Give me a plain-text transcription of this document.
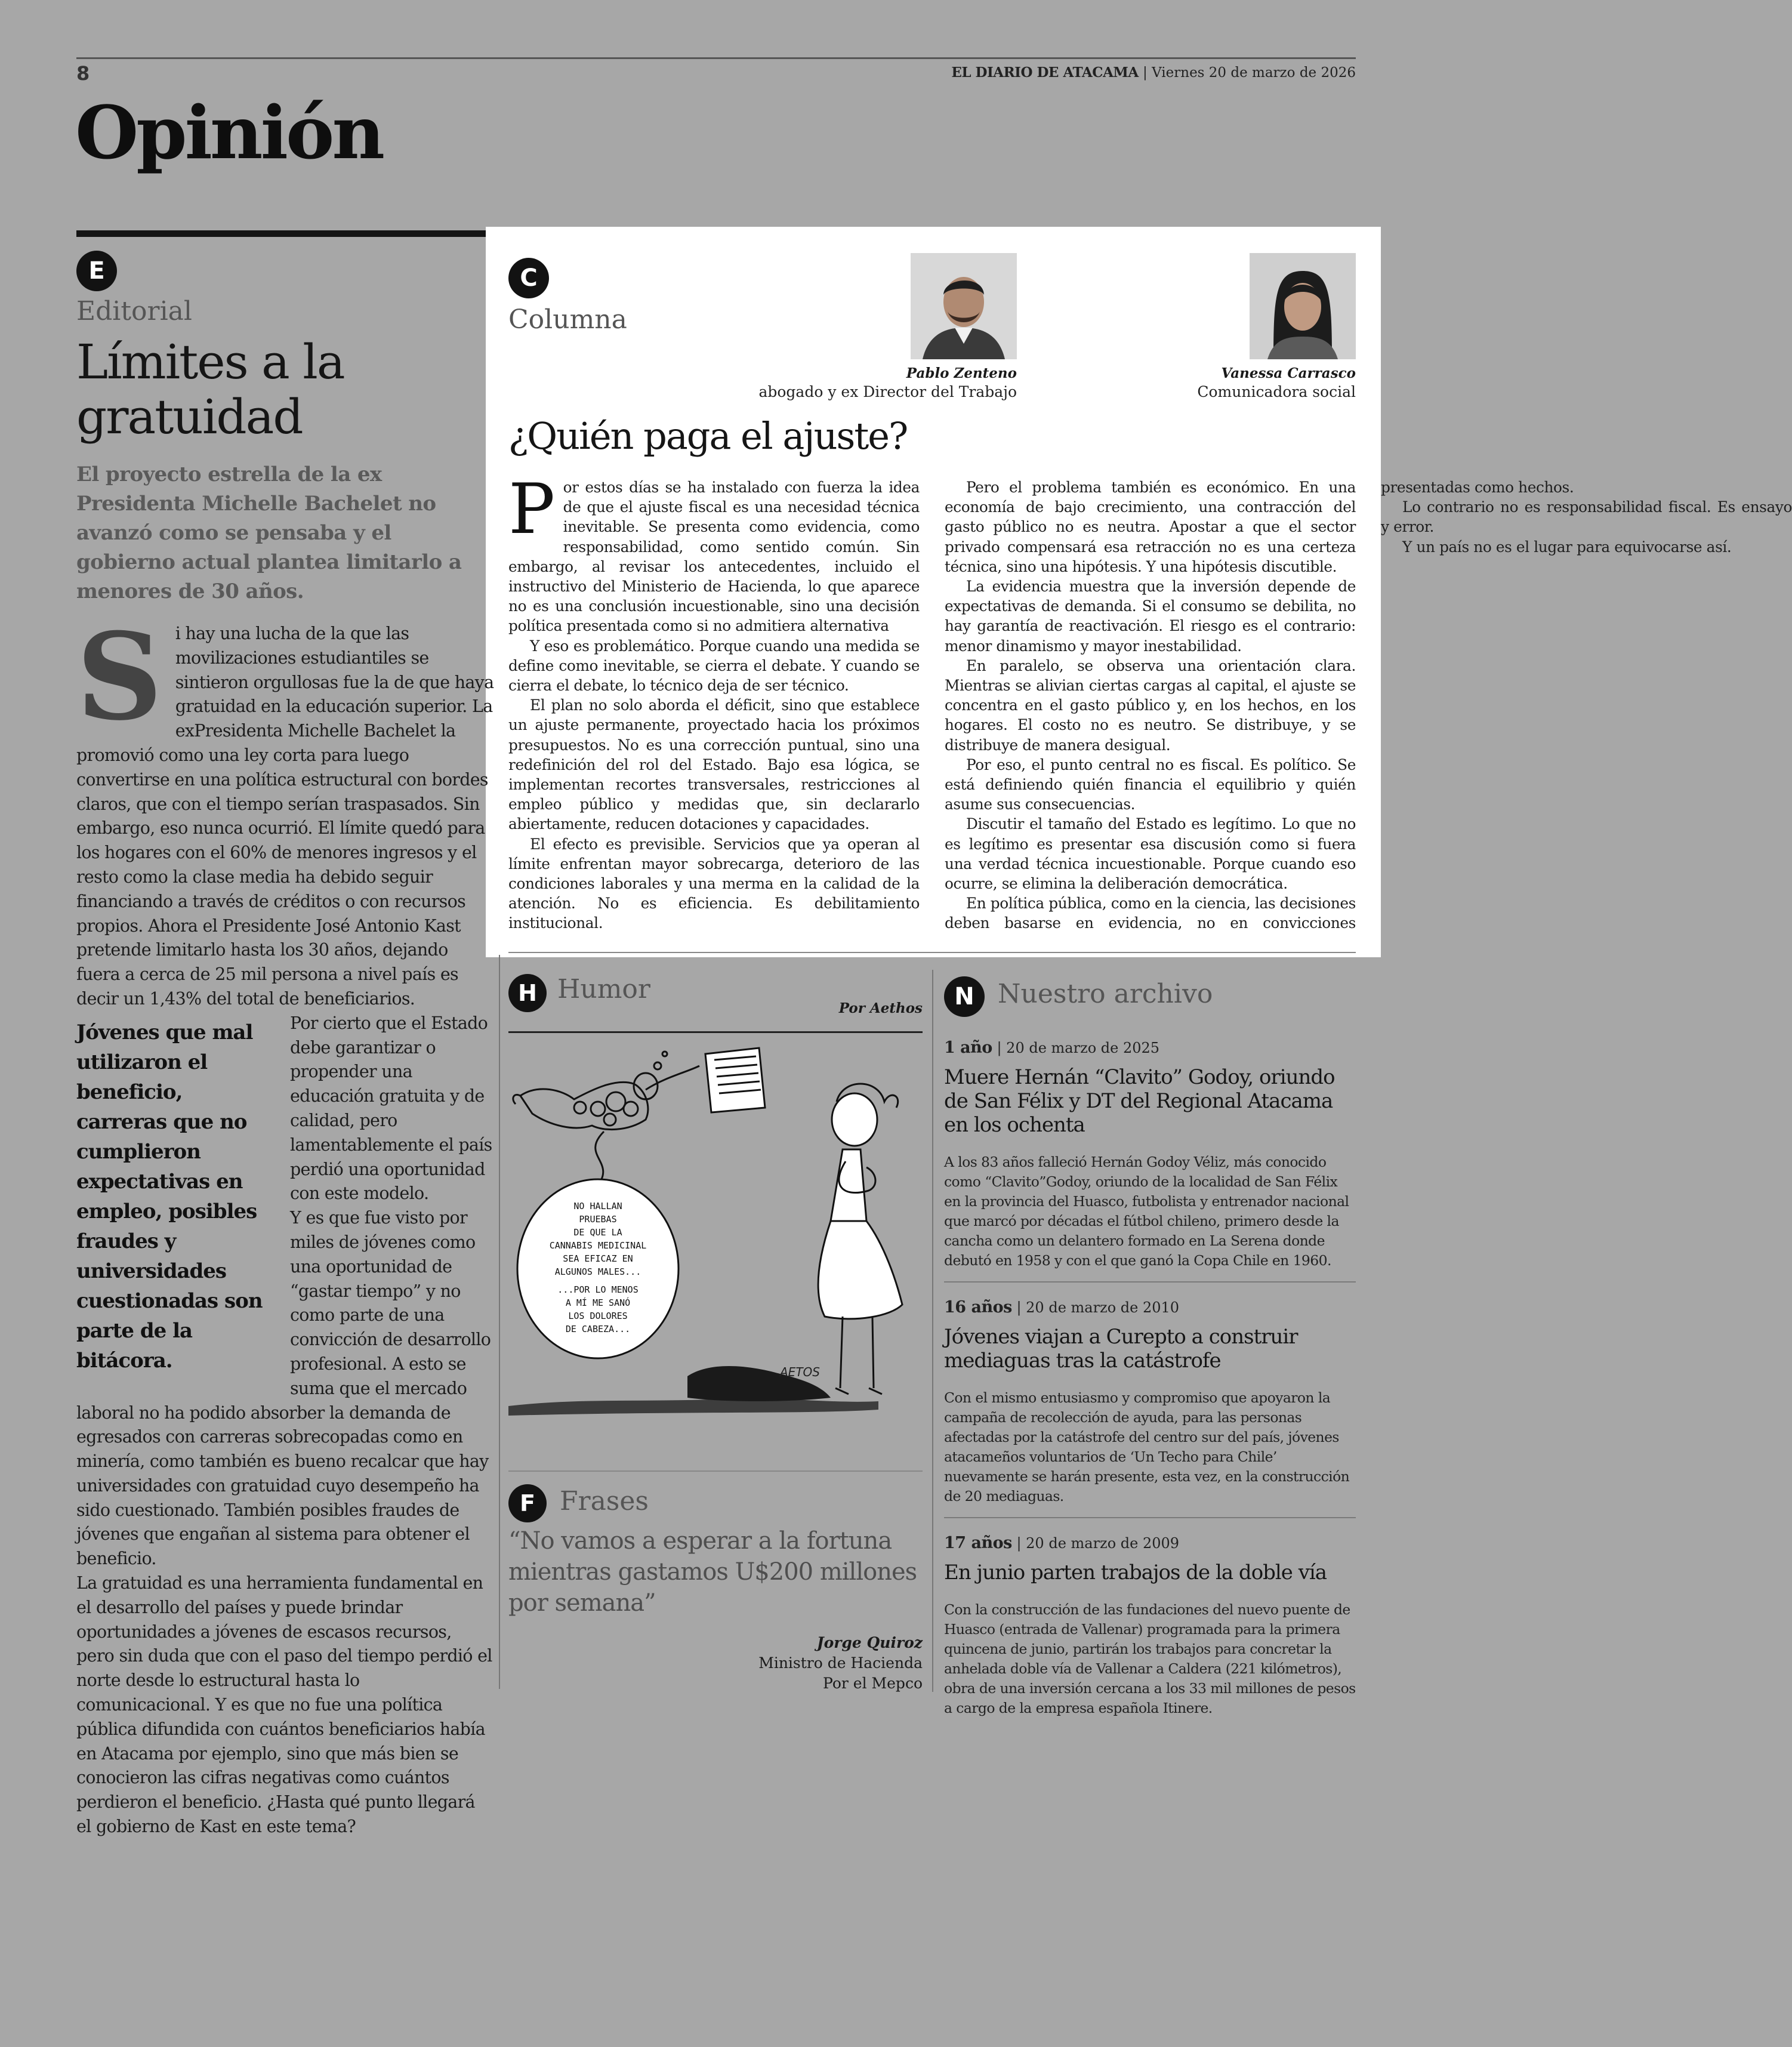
8	EL DIARIO DE ATACAMA | Viernes 20 de marzo de 2026
Opinión
E
Editorial
Límites a la
gratuidad
El proyecto estrella de la ex Presidenta Michelle Bachelet no avanzó como se pensaba y el gobierno actual plantea limitarlo a menores de 30 años.
Si hay una lucha de la que las movilizaciones estudiantiles se sintieron orgullosas fue la de que haya gratuidad en la educación superior. La exPresidenta Michelle Bachelet la promovió como una ley corta para luego convertirse en una política estructural con bordes claros, que con el tiempo serían traspasados. Sin embargo, eso nunca ocurrió. El límite quedó para los hogares con el 60% de menores ingresos y el resto como la clase media ha debido seguir financiando a través de créditos o con recursos propios. Ahora el Presidente José Antonio Kast pretende limitarlo hasta los 30 años, dejando fuera a cerca de 25 mil persona a nivel país es decir un 1,43% del total de beneficiarios.
Jóvenes que mal utilizaron el beneficio, carreras que no cumplieron expectativas en empleo, posibles fraudes y universidades cuestionadas son parte de la bitácora.
Por cierto que el Estado debe garantizar o propender una educación gratuita y de calidad, pero lamentablemente el país perdió una oportunidad con este modelo.
Y es que fue visto por miles de jóvenes como una oportunidad de “gastar tiempo” y no como parte de una convicción de desarrollo profesional. A esto se suma que el mercado laboral no ha podido absorber la demanda de egresados con carreras sobrecopadas como en minería, como también es bueno recalcar que hay universidades con gratuidad cuyo desempeño ha sido cuestionado. También posibles fraudes de jóvenes que engañan al sistema para obtener el beneficio.
La gratuidad es una herramienta fundamental en el desarrollo del países y puede brindar oportunidades a jóvenes de escasos recursos, pero sin duda que con el paso del tiempo perdió el norte desde lo estructural hasta lo comunicacional. Y es que no fue una política pública difundida con cuántos beneficiarios había en Atacama por ejemplo, sino que más bien se conocieron las cifras negativas como cuántos perdieron el beneficio. ¿Hasta qué punto llegará el gobierno de Kast en este tema?
C
Columna
Pablo Zenteno
abogado y ex Director del Trabajo
Vanessa Carrasco
Comunicadora social
¿Quién paga el ajuste?

Por estos días se ha instalado con fuerza la idea de que el ajuste fiscal es una necesidad técnica inevitable. Se presenta como evidencia, como responsabilidad, como sentido común. Sin embargo, al revisar los antecedentes, incluido el instructivo del Ministerio de Hacienda, lo que aparece no es una conclusión incuestionable, sino una decisión política presentada como si no admitiera alternativa

Y eso es problemático. Porque cuando una medida se define como inevitable, se cierra el debate. Y cuando se cierra el debate, lo técnico deja de ser técnico.

El plan no solo aborda el déficit, sino que establece un ajuste permanente, proyectado hacia los próximos presupuestos. No es una corrección puntual, sino una redefinición del rol del Estado. Bajo esa lógica, se implementan recortes transversales, restricciones al empleo público y medidas que, sin declararlo abiertamente, reducen dotaciones y capacidades.

El efecto es previsible. Servicios que ya operan al límite enfrentan mayor sobrecarga, deterioro de las condiciones laborales y una merma en la calidad de la atención. No es eficiencia. Es debilitamiento institucional.

Pero el problema también es económico. En una economía de bajo crecimiento, una contracción del gasto público no es neutra. Apostar a que el sector privado compensará esa retracción no es una certeza técnica, sino una hipótesis. Y una hipótesis discutible.

La evidencia muestra que la inversión depende de expectativas de demanda. Si el consumo se debilita, no hay garantía de reactivación. El riesgo es el contrario: menor dinamismo y mayor inestabilidad.

En paralelo, se observa una orientación clara. Mientras se alivian ciertas cargas al capital, el ajuste se concentra en el gasto público y, en los hechos, en los hogares. El costo no es neutro. Se distribuye, y se distribuye de manera desigual.

Por eso, el punto central no es fiscal. Es político. Se está definiendo quién financia el equilibrio y quién asume sus consecuencias.

Discutir el tamaño del Estado es legítimo. Lo que no es legítimo es presentar esa discusión como si fuera una verdad técnica incuestionable. Porque cuando eso ocurre, se elimina la deliberación democrática.

En política pública, como en la ciencia, las decisiones deben basarse en evidencia, no en convicciones presentadas como hechos.

Lo contrario no es responsabilidad fiscal. Es ensayo y error.

Y un país no es el lugar para equivocarse así.

H Humor
Por Aethos
NO HALLAN
PRUEBAS
DE QUE LA
CANNABIS MEDICINAL
SEA EFICAZ EN
ALGUNOS MALES...
...POR LO MENOS
A MÍ ME SANÓ
LOS DOLORES
DE CABEZA...
AETOS
F Frases
“No vamos a esperar a la fortuna mientras gastamos U$200 millones por semana”
Jorge Quiroz
Ministro de Hacienda
Por el Mepco
N Nuestro archivo
1 año | 20 de marzo de 2025
Muere Hernán “Clavito” Godoy, oriundo de San Félix y DT del Regional Atacama en los ochenta
A los 83 años falleció Hernán Godoy Véliz, más conocido como “Clavito”Godoy, oriundo de la localidad de San Félix en la provincia del Huasco, futbolista y entrenador nacional que marcó por décadas el fútbol chileno, primero desde la cancha como un delantero formado en La Serena donde debutó en 1958 y con el que ganó la Copa Chile en 1960.
16 años | 20 de marzo de 2010
Jóvenes viajan a Curepto a construir mediaguas tras la catástrofe
Con el mismo entusiasmo y compromiso que apoyaron la campaña de recolección de ayuda, para las personas afectadas por la catástrofe del centro sur del país, jóvenes atacameños voluntarios de ‘Un Techo para Chile’ nuevamente se harán presente, esta vez, en la construcción de 20 mediaguas.
17 años | 20 de marzo de 2009
En junio parten trabajos de la doble vía
Con la construcción de las fundaciones del nuevo puente de Huasco (entrada de Vallenar) programada para la primera quincena de junio, partirán los trabajos para concretar la anhelada doble vía de Vallenar a Caldera (221 kilómetros), obra de una inversión cercana a los 33 mil millones de pesos a cargo de la empresa española Itinere.
